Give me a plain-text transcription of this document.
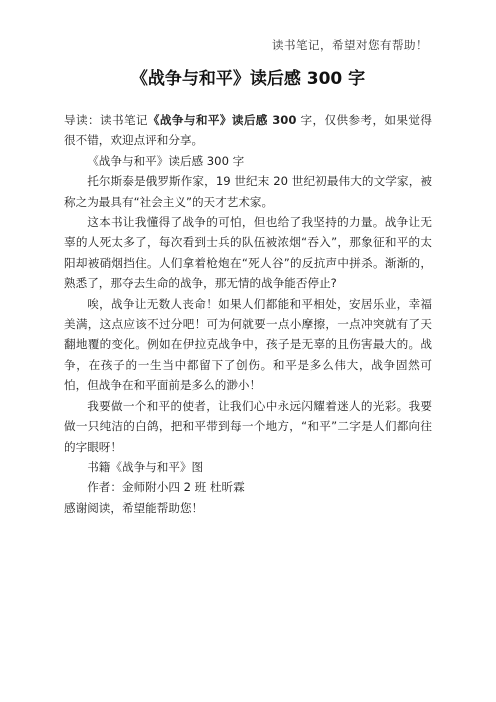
读书笔记，希望对您有帮助！
《战争与和平》读后感 300 字

导读：读书笔记《战争与和平》读后感 300 字，仅供参考，如果觉得很不错，欢迎点评和分享。

《战争与和平》读后感 300 字

托尔斯泰是俄罗斯作家，19 世纪末 20 世纪初最伟大的文学家，被称之为最具有“社会主义”的天才艺术家。

这本书让我懂得了战争的可怕，但也给了我坚持的力量。战争让无辜的人死太多了，每次看到士兵的队伍被浓烟“吞入”，那象征和平的太阳却被硝烟挡住。人们拿着枪炮在“死人谷”的反抗声中拼杀。渐渐的，熟悉了，那夺去生命的战争，那无情的战争能否停止?

唉，战争让无数人丧命！如果人们都能和平相处，安居乐业，幸福美满，这点应该不过分吧！可为何就要一点小摩擦，一点冲突就有了天翻地覆的变化。例如在伊拉克战争中，孩子是无辜的且伤害最大的。战争，在孩子的一生当中都留下了创伤。和平是多么伟大，战争固然可怕，但战争在和平面前是多么的渺小！

我要做一个和平的使者，让我们心中永远闪耀着迷人的光彩。我要做一只纯洁的白鸽，把和平带到每一个地方，“和平”二字是人们都向往的字眼呀！

书籍《战争与和平》图

作者：金师附小四 2 班 杜昕霖

感谢阅读，希望能帮助您！
